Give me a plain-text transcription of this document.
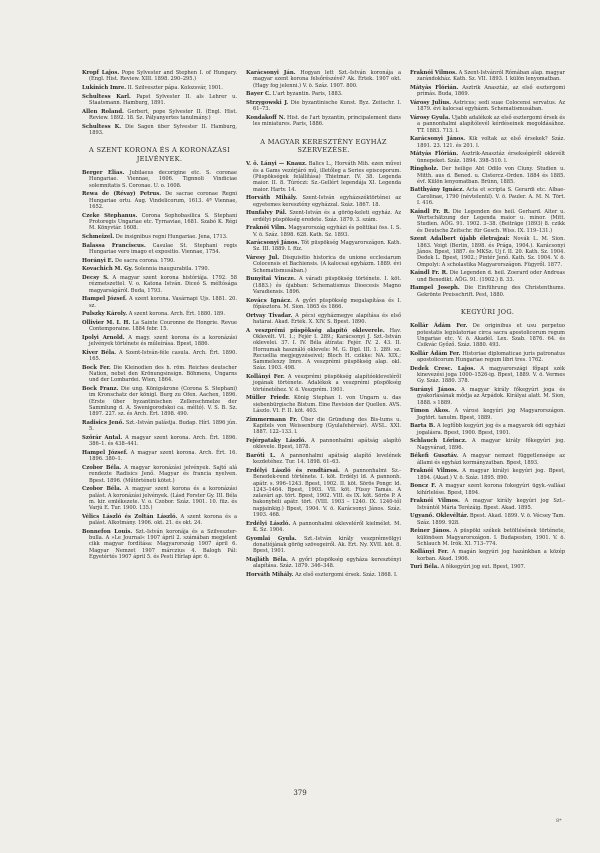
Kropf Lajos. Pope Sylvester and Stephen I. of Hungary. (Engl. Hist. Review. XIII. 1898. 290–295.)
Lukinich Imre. II. Szilveszter pápa. Kolozsvár, 1901.
Schultess Karl. Papst Sylvester II. als Lehrer u. Staatsmann. Hamburg, 1891.
Allen Roland. Gerbert, pope Sylvester II. (Engl. Hist. Review. 1892. 18. Sz. Pályanyertes tanulmány.)
Schultess K. Die Sagen über Sylvester II. Hamburg, 1893.
A SZENT KORONA ÉS A KORONÁZÁSI JELVÉNYEK.
Berger Elias. Jubilaeus decorigine etc. S. coronae Hungariae. Viennae, 1606. Tignnoli Vindiciae solemnitatis S. Coronae. U. o. 1608.
Rewa de (Révay) Petrus. De sacrae coronae Regni Hungariae ortu. Aug. Vindelicorum, 1613. 4ª Viennae, 1652.
Czeke Stephanus. Corona Sophobasilica S. Stephani Protoregis Ungariae etc. Tyrnaviae, 1681. Szabó K. Régi M. Könyvtár. 1608.
Schmeizel. De insignibus regni Hungariae. Jena, 1713.
Balassa Franciscus. Casulae St. Stephani regis Hungariae vero imago et expositio. Viennae, 1754.
Horányi E. De sacra corona. 1790.
Kovachich M. Gy. Solennia inaugurabila. 1790.
Decsy S. A magyar szent korona históriája. 1792. 58 rézmetszettel. V. o. Katona István. Diceó S. méltósága magyarságáról. Buda, 1793.
Hampel József. A szent korona. Vasárnapi Ujs. 1881. 20. sz.
Pulszky Károly. A szent korona. Arch. Ért. 1880. 189.
Ollivier M. I. H. La Sainte Couronne de Hongrie. Revue Contemporaine. 1884 febr. 15.
Ipolyi Arnold. A magy. szent korona és a koronázási jelvények története és műleírása. Bpest, 1886.
Kiver Béla. A Szent-István-féle casula. Arch. Ért. 1890. 165.
Bock Fer. Die Kleinodien des h. röm. Reiches deutscher Nation, nebst den Krönungsinsign. Böhmens, Ungarns und der Lombardei. Wien, 1864.
Bock Franz. Die ung. Königskrone (Corona S. Stephani) im Kronschatz der königl. Burg zu Ofen. Aachen, 1896. (Erste über byzantinischen Zellenschmelze der Sammlung d. A. Swenigorodskoi ca. méltó). V. S. B. Sz. 1897. 227. sz. és Arch. Ért. 1898. 490.
Radisics Jenő. Szt.-István palástja. Budap. Hírl. 1896 jún. 5.
Szőrár Antal. A magyar szent korona. Arch. Ért. 1896. 386–1. és 438–441.
Hampel József. A magyar szent korona. Arch. Ért. 16. 1896. 380–1.
Czobor Béla. A magyar koronázási jelvények. Sajtó alá rendezte Radisics Jenő. Magyar és francia nyelven. Bpest. 1896. (Műtörténeti kötet.)
Czobor Béla. A magyar szent korona és a koronázási palást. A koronázási jelvények. (Lásd Forster Gy. III. Béla m. kir. emlékezete. V. o. Czobor. Száz. 1901. 10. füz. és Varjú E. Tur. 1900. 135.)
Vélics László és Zoltán László. A szent korona és a palást. Alkotmány. 1906. okt. 21. és okt. 24.
Bonnefon Louis. Szt.-István koronája és a Szilveszter-bulla. A »Le Journal« 1907 ápril 2. számában megjelent cikk magyar fordítása: Magyarország 1907 ápril 6. Magyar Nemzet 1907 márczius 4. Balogh Pál: Egyetértés 1907 ápril 5. és Pesti Hírlap ápr. 6.
Karácsonyi Ján. Hogyan lett Szt.-István koronája a magyar szent korona felsőrészévé? Ak. Értek. 1907 okt. (Hagy fog jelenni.) V. ö. Száz. 1907. 800.
Bayer C. L'art byzantin. Paris, 1883.
Strzygowski J. Die byzantinische Kunst. Byz. Zeitschr. I. 61–73.
Kondakoff N. Hist. de l'art byzantin, principalement dans les miniatures. Paris, 1886.
A MAGYAR KERESZTÉNY EGYHÁZ SZERVEZÉSE.
V. ö. Lányi — Knauz. Balics L., Horváth Mih. ezen művei és a Gams vezérjáró mű, illetőleg a Series episcoporum. (Püspökségek felállítása) Thietmar. IV. 38. Legenda maior. II. 8. Túróczi: Sz.-Gellért legendája XI. Legenda maior. Hartv. 14.
Horváth Mihály. Szent-István egyházszéktörténei az egyetemes keresztény egyházzal. Száz. 1867. 18.
Hunfalvy Pál. Szent-István és a görög-keleti egyház. Az erdélyi püspökség eredete. Száz. 1879. 3. szám.
Fraknói Vilm. Magyarország egyházi és politikai öss. I. S. V. ö. Száz. 1898. 628. Kath. Sz. 1893.
Karácsonyi János. Tót püspökség Magyarországon. Kath. Sz. III. 1889. I. füz.
Váresy Jul. Disquisitio historica de unione ecclesiarum Colocensis et Bachiensis. (A kalocsai egyházm. 1889. évi Schematismusában.)
Bunyitai Vincze. A váradi püspökség története. I. köt. (1883.) és újabban: Schematismus Dioecesis Magno Varadiensis. 1896.
Kovács Ignácz. A győri püspökség megalapítása és I. főpásztora. M. Sion. 1865 és 1866.
Ortvay Tivadar. A pécsi egyházmegye alapítása és első határai. Akad. Érték. X. XIV. S. Bpest. 1890.
A veszprémi püspökség alapító okleverele. Hav. Oklevélt. VI. 1.; Fejér I. 289.; Karácsonyi J. Szt.-István oklevelei. 37. I. IV. Béla átírata: Fejér. IV. 2. 43. II. Hornumak használó oklevele: M. G. Dipl. III. 1. 289. sz. Recuellia megjegyzéseivel; Bloch H. czikke: NA. XIX.; Sammelexzy Imre. A veszprémi püspökség alap. okl. Száz. 1903. 498.
Kollányi Fer. A veszprémi püspökség alapítóokleveléről jogának története. Adalékok a veszprémi püspökség történetéhez. V. ö. Veszprém. 1901.
Müller Friedr. König Stephan I. von Ungarn u. das siebenbürgische Bistum. Eine Revision der Quellen. AVS. Lászlo. VI. F. II. köt. 403.
Zimmermann Fr. Über die Gründung des Bis-tums u. Kapitels von Weissenburg (Gyulafehérvár). AVSL. XXI. 1887. 122–133. l.
Fejérpataky László. A pannonhalmi apátság alapító oklevele. Bpest, 1878.
Baróti L. A pannonhalmi apátság alapító levelének kezdetéhez. Tur. 14. 1898. 61–63.
Erdélyi László és rendtársai. A pannonhalmi Sz.-Benedek-rend története. I. köt. Erdélyi ld. A pannonh. apátr. s. 996–1243. Bpest, 1902. II. köt. Sörös Pongr. ld. 1243–1464. Bpest, 1903. VII. köt. Füssy Tamás. A zalavári ap. tört. Bpest, 1902. VIII. és IX. köt. Sörös P. A bakonybéli apátr. tört. (VIII. 1903 – 1240. IX. 1240-től napjainkig.) Bpest, 1904. V. ö. Karácsonyi János. Száz. 1903. 468.
Erdélyi László. A pannonhalmi okleveléről kielmélet. M. K. Sz. 1904.
Gyomlai Gyula. Szt.-István király veszprémvölgyi donatiójának görög szövegeiről. Ak. Ért. Ny. XVII. köt. 8. Bpest, 1901.
Majláth Béla. A győri püspökség egyháza keresztényi alapítása. Száz. 1879. 346–348.
Horváth Mihály. Az első esztergomi érsek. Száz. 1868. I.
Fraknói Vilmos. A Szent-Istvánról Rómában alap. magyar zarándokház. Kath. Sz. VII. 1893. 1 külön lenyomatban.
Mátyás Flórián. Asztrik Anasztáz, az első esztergomi prímás. Buda, 1869.
Városy Julius. Astricus; sedi suae Colocensi servatus. Az 1879. évi kalocsai egyházm. Schematismusában.
Városy Gyula. Ujabb adalékok az első esztergomi érsek és a pannonhalmi alapítólevél kérdéseinek megoldásához. TT. 1883. 713. l.
Karácsonyi János. Kik voltak az első érsekek? Száz. 1891. 23. 121. és 201. l.
Mátyás Flórián. Asztrik-Anasztáz érsekségéről oklevélt ünnepeket. Száz. 1894. 398–510. l.
Ringholz. Der heilige Abt Odilo von Cluny. Studien u. Mitth. aus d. Bened. u. Cistercz.-Orden. 1884 és 1885. évf. Külön lenyomatban. Brünn, 1885.
Batthyány Ignácz. Acta et scripta S. Gerardi etc. Albae-Carolinae, 1790 (névtelenül). V. ö. Pauler. A. M. N. Tört. I. 416.
Kaindl Fr. R. Die Legenden des heil. Gerhard. Alter u. Wertschätzung der Legenda maior u. minor. (Mitt. Studien. AÖG. 91. 1902. 3–38. (Beiträge (1893) 8. czikk és Deutsche Zeitschr. für Gesch. Wiss. IX. 119–131.)
Szent Adalbert újabb életrajzai: Novák L. M. Sion. 1863. Voigt (Berlin, 1898. és Prága, 1904.). Karácsonyi János. Bpest, 1887. és MKSz. Uj f. II. 20. Kath. Sz. 1904. Dedek L. Bpest, 1902.; Pintér Jenő. Kath. Sz. 1904. V. ö. Ompolyi: A scholastika Magyarországon. Fügyről. 1877.
Kaindl Fr. R. Die Legenden d. heil. Zoerard oder Andreas und Benedikt. AÖG. 91. (1902.) 8. 33.
Hampel Joseph. Die Einführung des Christenthums. Gekrönte Preisschrift. Pest, 1880.
KEGYÚRI JOG.
Kollár Ádám Fer. De originibus et usu perpetuo potestatis legislatoriae circa sacra apostolicorum regum Ungariae etc. V. ö. Akadél. Lex. Szab. 1876. 64. és Csikvác Győző. Száz. 1880. 493.
Kollár Ádám Fer. Historiae diplomaticae juris patronatus apostolicorum Hungariae regum libri tres. 1762.
Dedek Cresc. Lajos. A magyarországi főpapi szék kinevezési joga 1000–1526-ig. Bpest, 1889. V. ö. Vermes Gy. Száz. 1880. 378.
Surányi János. A magyar király főkegyúri joga és gyakorlásának módja az Árpádok. Királyai alatt. M. Sion, 1888. s 1889.
Timon Ákos. A városi kegyúri jog Magyarországon. Jogtört. tanulm. Bpest, 1889.
Barta B. A legfőbb kegyúri jog és a magyarok ódi egyházi jogalásra. Bpest, 1900. Bpest, 1901.
Schlauch Lőrincz. A magyar király főkegyúri jog. Nagyvárad, 1896.
Békefi Gusztáv. A magyar nemzet függetlensége az állami és egyházi kormányzatban. Bpest, 1893.
Fraknói Vilmos. A magyar királyi kegyúri jog. Bpest, 1894. (Akad.) V. ö. Száz. 1895. 890.
Boncz F. A magyar szent korona fokegyúri ügyk.-valláai kihírlelése. Bpest, 1894.
Fraknói Vilmos. A magyar király kegyúri jog Szt.-Istvántól Mária Terézáig. Bpest. Akad. 1895.
Ugyanő. Oklevéltár. Bpest. Akad. 1899. V. ö. Vécsey Tam. Száz. 1899. 928.
Reiner János. A püspöki székek betöltésének története, különösen Magyarországon. I. Budapesten, 1901. V. ö. Schlauch M. Irók. XI. 713–774.
Kollányi Fer. A magán kegyúri jog hazánkban a közép korban. Akad. 1906.
Turi Béla. A fékegyúri jog sut. Bpest, 1907.
379
8*
